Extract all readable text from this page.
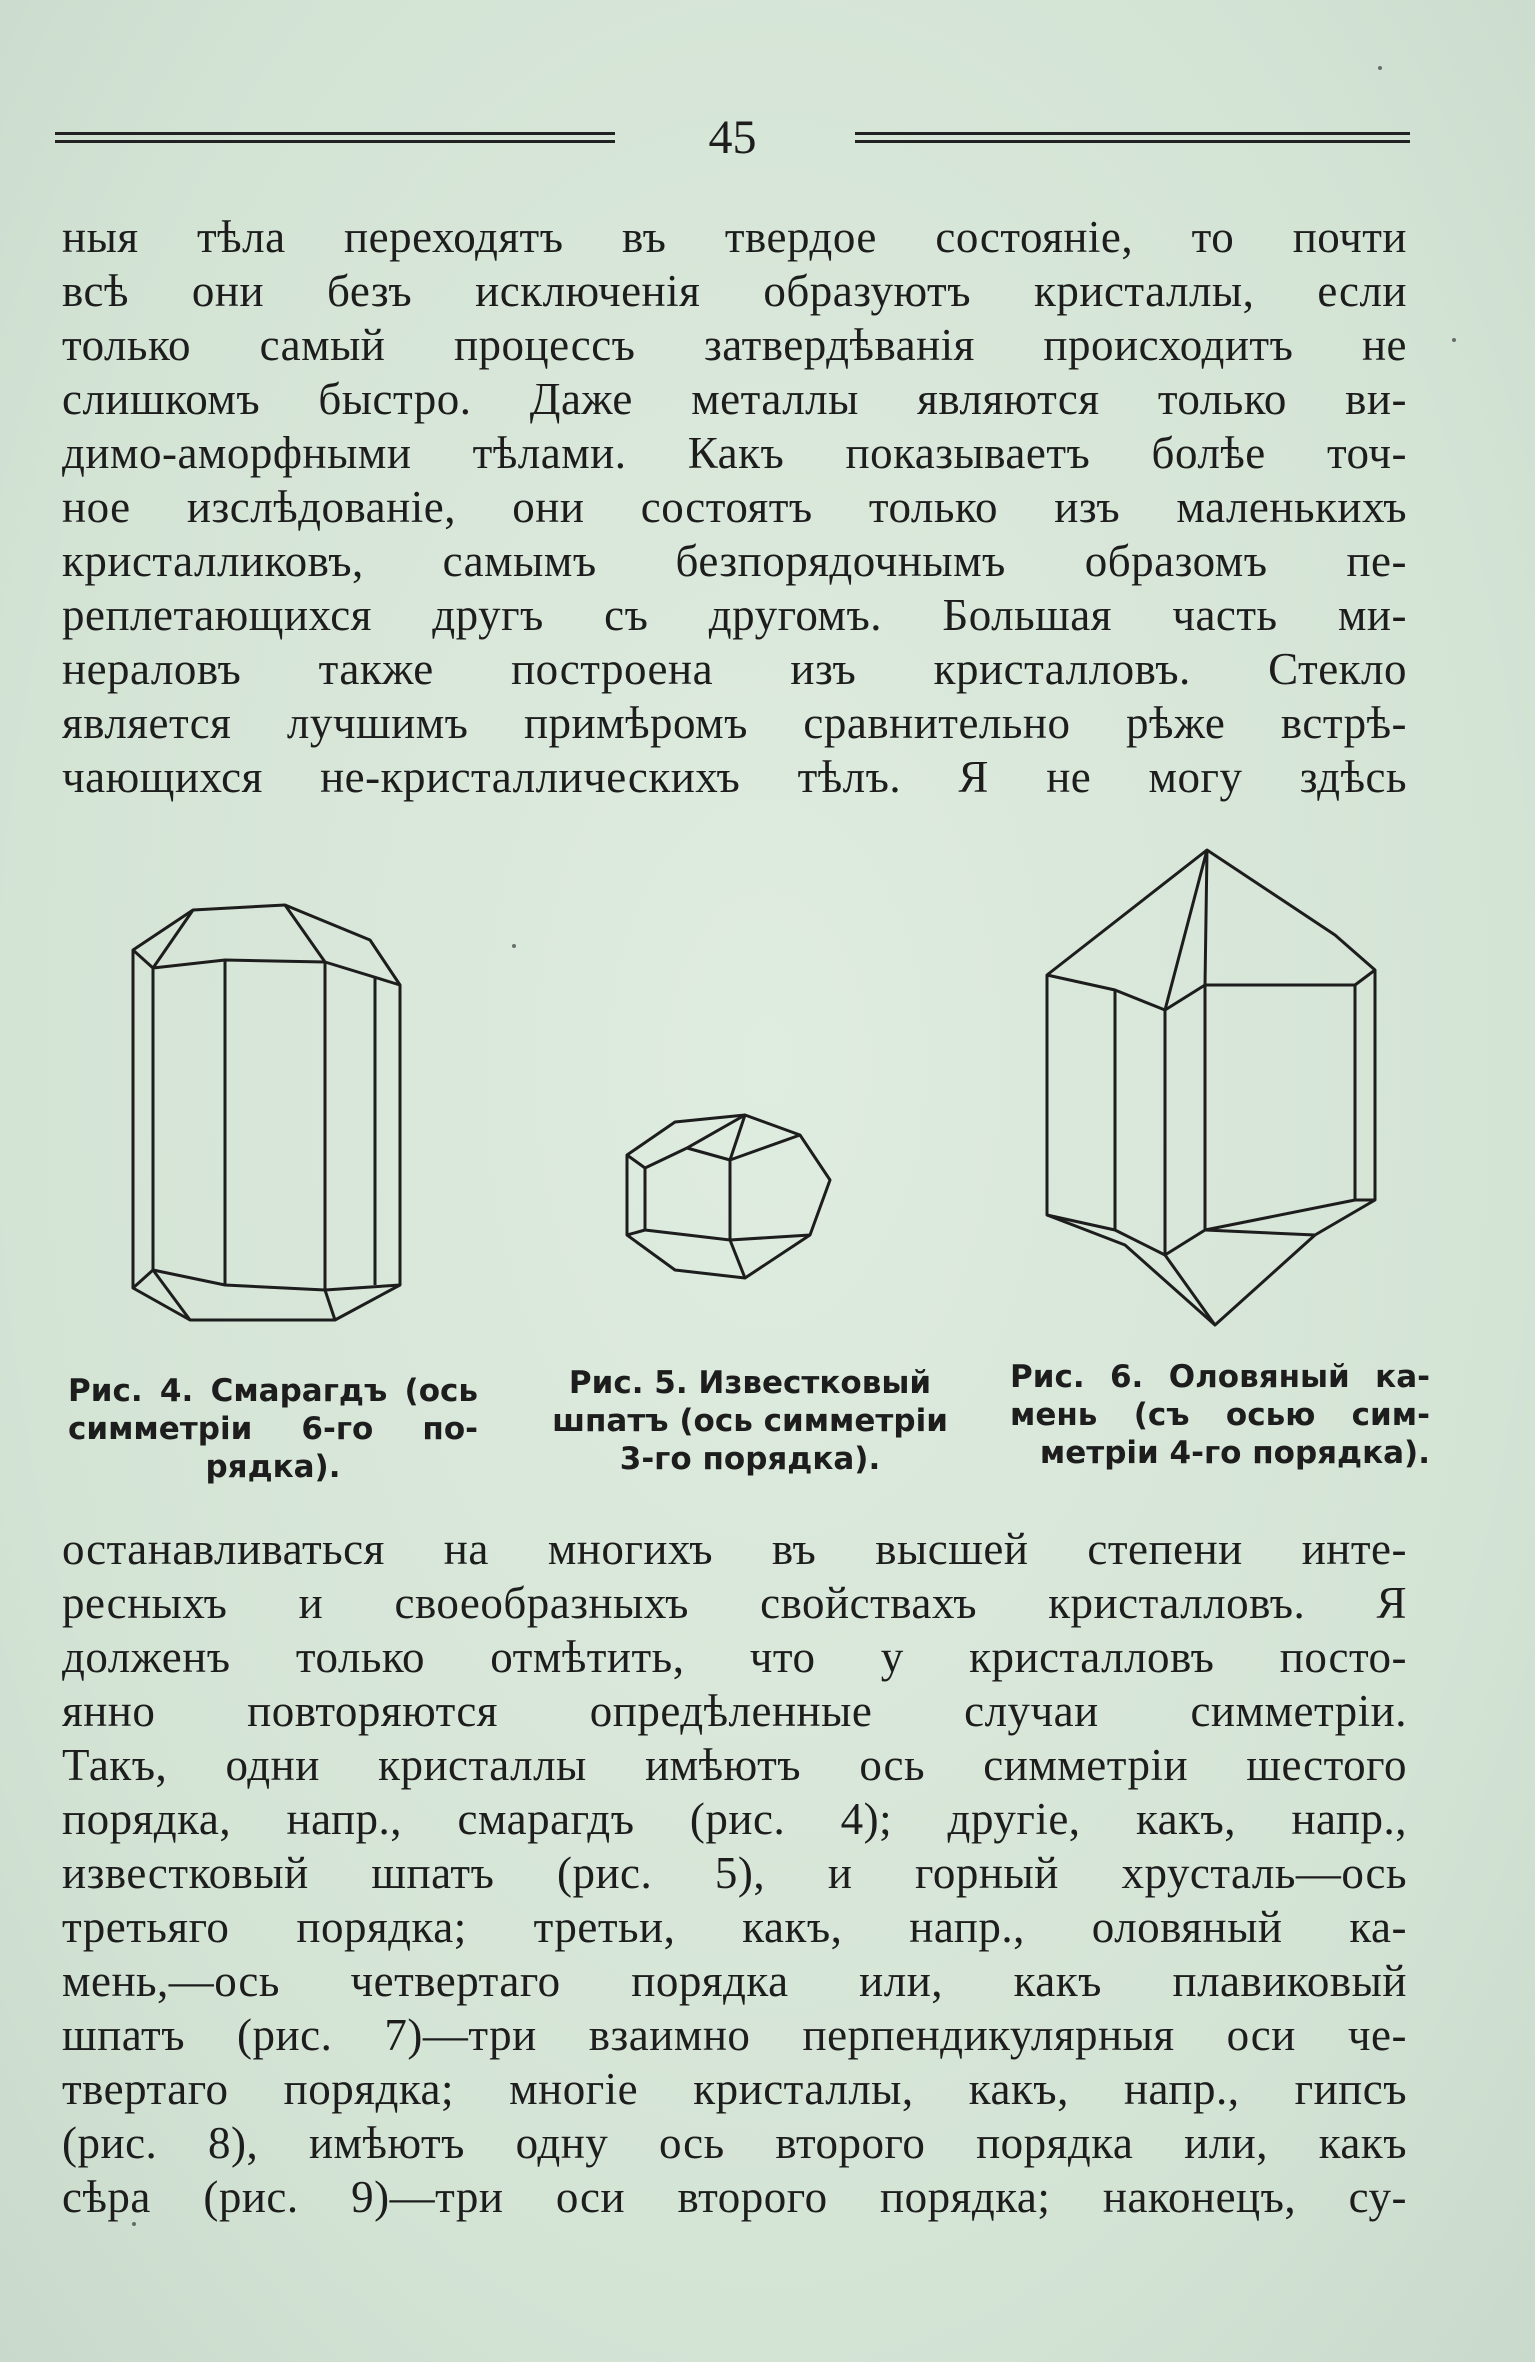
45
ныя тѣла переходятъ въ твердое состоянiе, то почти
всѣ они безъ исключенiя образуютъ кристаллы, если
только самый процессъ затвердѣванiя происходитъ не
слишкомъ быстро. Даже металлы являются только ви-
димо-аморфными тѣлами. Какъ показываетъ болѣе точ-
ное изслѣдованiе, они состоятъ только изъ маленькихъ
кристалликовъ, самымъ безпорядочнымъ образомъ пе-
реплетающихся другъ съ другомъ. Большая часть ми-
нераловъ также построена изъ кристалловъ. Стекло
является лучшимъ примѣромъ сравнительно рѣже встрѣ-
чающихся не-кристаллическихъ тѣлъ. Я не могу здѣсь
Рис. 4. Смарагдъ (ось
симметрiи 6-го по-
рядка).
Рис. 5. Известковый
шпатъ (ось симметрiи
3-го порядка).
Рис. 6. Оловяный ка-
мень (съ осью сим-
метрiи 4-го порядка).
останавливаться на многихъ въ высшей степени инте-
ресныхъ и своеобразныхъ свойствахъ кристалловъ. Я
долженъ только отмѣтить, что у кристалловъ посто-
янно повторяются опредѣленные случаи симметрiи.
Такъ, одни кристаллы имѣютъ ось симметрiи шестого
порядка, напр., смарагдъ (рис. 4); другiе, какъ, напр.,
известковый шпатъ (рис. 5), и горный хрусталь—ось
третьяго порядка; третьи, какъ, напр., оловяный ка-
мень,—ось четвертаго порядка или, какъ плавиковый
шпатъ (рис. 7)—три взаимно перпендикулярныя оси че-
твертаго порядка; многiе кристаллы, какъ, напр., гипсъ
(рис. 8), имѣютъ одну ось второго порядка или, какъ
сѣра (рис. 9)—три оси второго порядка; наконецъ, су-
